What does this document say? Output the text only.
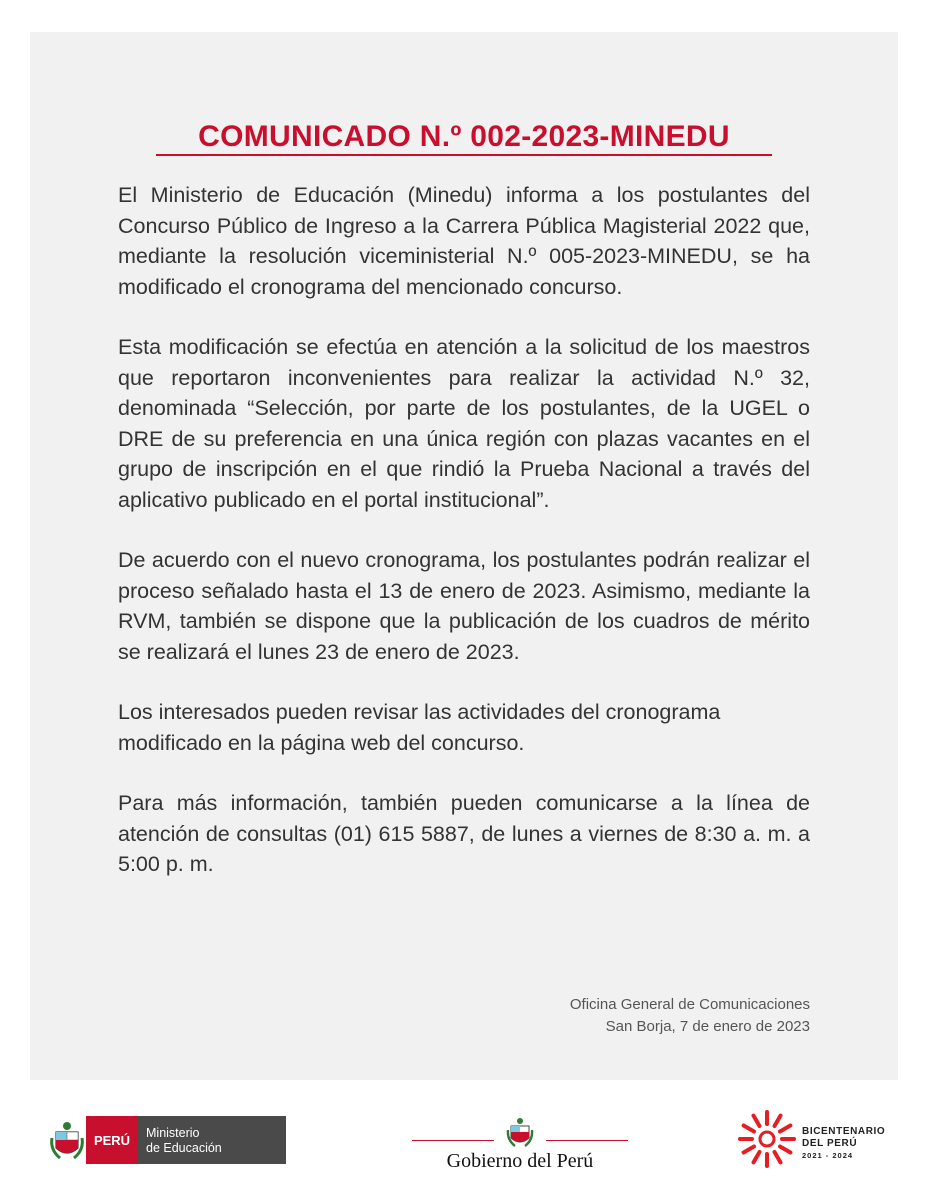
COMUNICADO N.º 002-2023-MINEDU

El Ministerio de Educación (Minedu) informa a los postulantes del Concurso Público de Ingreso a la Carrera Pública Magisterial 2022 que, mediante la resolución viceministerial N.º 005-2023-MINEDU, se ha modificado el cronograma del mencionado concurso.

Esta modificación se efectúa en atención a la solicitud de los maestros que reportaron inconvenientes para realizar la actividad N.º 32, denominada “Selección, por parte de los postulantes, de la UGEL o DRE de su preferencia en una única región con plazas vacantes en el grupo de inscripción en el que rindió la Prueba Nacional a través del aplicativo publicado en el portal institucional”.

De acuerdo con el nuevo cronograma, los postulantes podrán realizar el proceso señalado hasta el 13 de enero de 2023. Asimismo, mediante la RVM, también se dispone que la publicación de los cuadros de mérito se realizará el lunes 23 de enero de 2023.

Los interesados pueden revisar las actividades del cronograma modificado en la página web del concurso.

Para más información, también pueden comunicarse a la línea de atención de consultas (01) 615 5887, de lunes a viernes de 8:30 a. m. a 5:00 p. m.

Oficina General de Comunicaciones
San Borja, 7 de enero de 2023
PERÚ	Ministerio
de Educación
Gobierno del Perú
BICENTENARIO
DEL PERÚ
2021 - 2024
